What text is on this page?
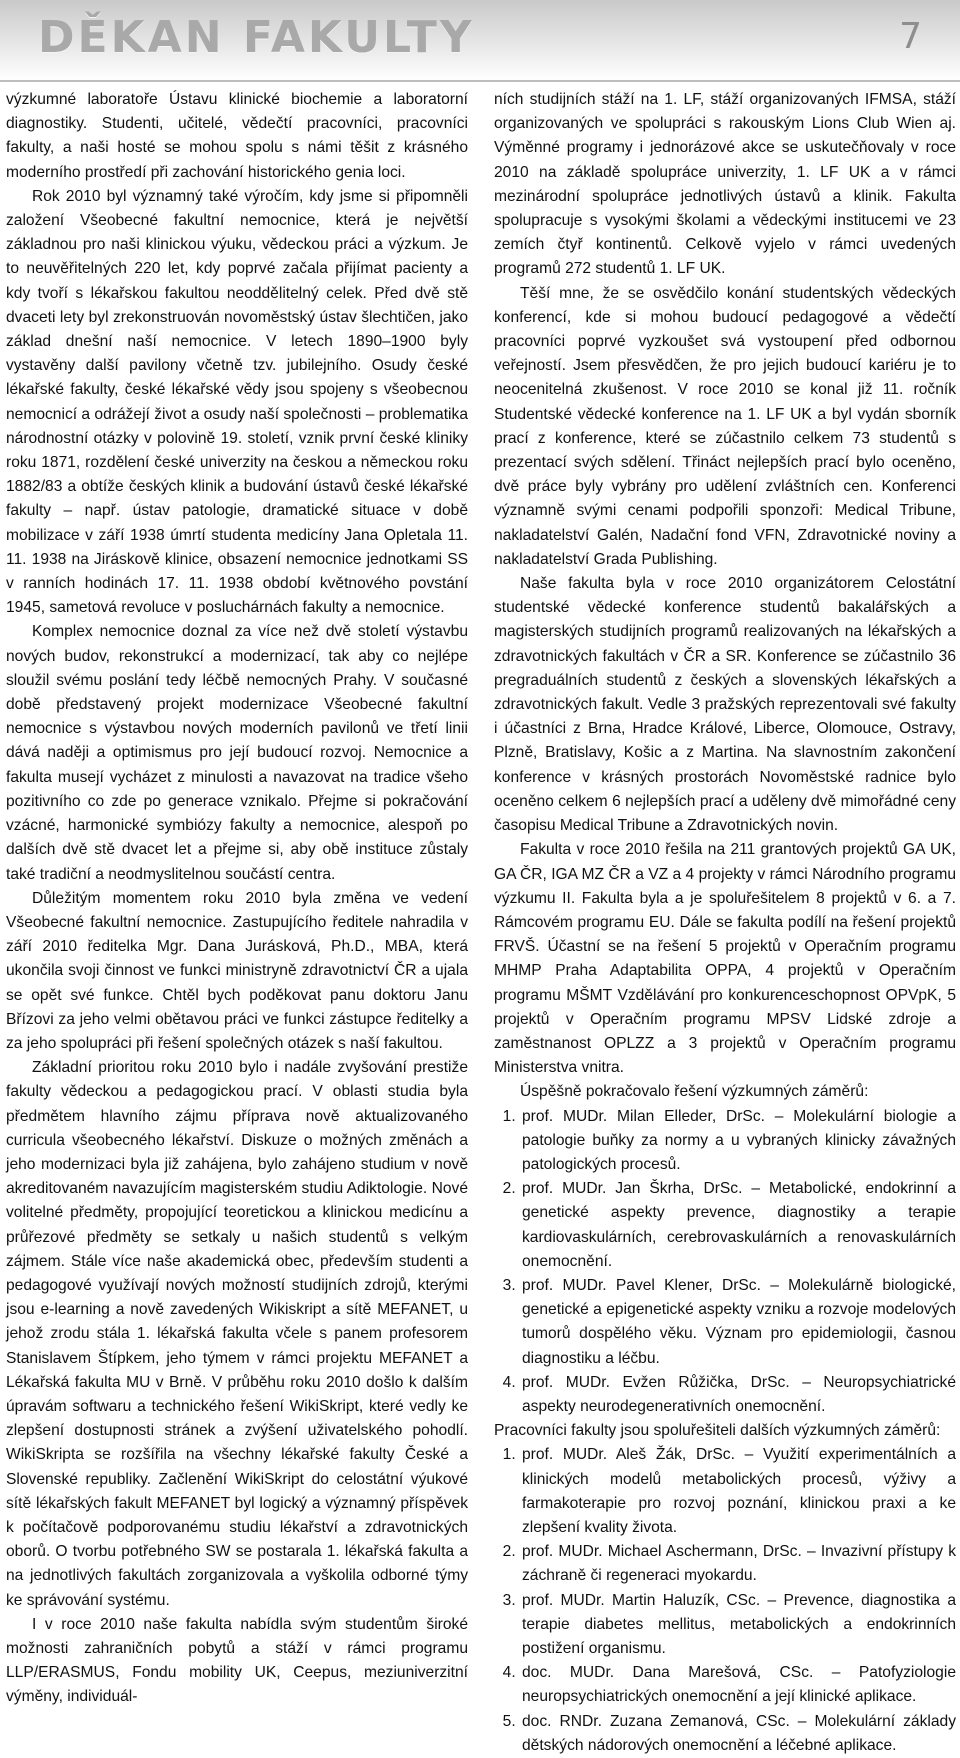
DĚKAN FAKULTY	7

výzkumné laboratoře Ústavu klinické biochemie a laboratorní diagnostiky. Studenti, učitelé, vědečtí pracovníci, pracovníci fakulty, a naši hosté se mohou spolu s námi těšit z krásného moderního prostředí při zachování historického genia loci.

Rok 2010 byl významný také výročím, kdy jsme si připomněli založení Všeobecné fakultní nemocnice, která je největší základnou pro naši klinickou výuku, vědeckou práci a výzkum. Je to neuvěřitelných 220 let, kdy poprvé začala přijímat pacienty a kdy tvoří s lékařskou fakultou neoddělitelný celek. Před dvě stě dvaceti lety byl zrekonstruován novoměstský ústav šlechtičen, jako základ dnešní naší nemocnice. V letech 1890–1900 byly vystavěny další pavilony včetně tzv. jubilejního. Osudy české lékařské fakulty, české lékařské vědy jsou spojeny s všeobecnou nemocnicí a odrážejí život a osudy naší společnosti – problematika národnostní otázky v polovině 19. století, vznik první české kliniky roku 1871, rozdělení české univerzity na českou a německou roku 1882/83 a obtíže českých klinik a budování ústavů české lékařské fakulty – např. ústav patologie, dramatické situace v době mobilizace v září 1938 úmrtí studenta medicíny Jana Opletala 11. 11. 1938 na Jiráskově klinice, obsazení nemocnice jednotkami SS v ranních hodinách 17. 11. 1938 období květnového povstání 1945, sametová revoluce v posluchárnách fakulty a nemocnice.

Komplex nemocnice doznal za více než dvě století výstavbu nových budov, rekonstrukcí a modernizací, tak aby co nejlépe sloužil svému poslání tedy léčbě nemocných Prahy. V současné době představený projekt modernizace Všeobecné fakultní nemocnice s výstavbou nových moderních pavilonů ve třetí linii dává naději a optimismus pro její budoucí rozvoj. Nemocnice a fakulta musejí vycházet z minulosti a navazovat na tradice všeho pozitivního co zde po generace vznikalo. Přejme si pokračování vzácné, harmonické symbiózy fakulty a nemocnice, alespoň po dalších dvě stě dvacet let a přejme si, aby obě instituce zůstaly také tradiční a neodmyslitelnou součástí centra.

Důležitým momentem roku 2010 byla změna ve vedení Všeobecné fakultní nemocnice. Zastupujícího ředitele nahradila v září 2010 ředitelka Mgr. Dana Jurásková, Ph.D., MBA, která ukončila svoji činnost ve funkci ministryně zdravotnictví ČR a ujala se opět své funkce. Chtěl bych poděkovat panu doktoru Janu Břízovi za jeho velmi obětavou práci ve funkci zástupce ředitelky a za jeho spolupráci při řešení společných otázek s naší fakultou.

Základní prioritou roku 2010 bylo i nadále zvyšování prestiže fakulty vědeckou a pedagogickou prací. V oblasti studia byla předmětem hlavního zájmu příprava nově aktualizovaného curricula všeobecného lékařství. Diskuze o možných změnách a jeho modernizaci byla již zahájena, bylo zahájeno studium v nově akreditovaném navazujícím magisterském studiu Adiktologie. Nové volitelné předměty, propojující teoretickou a klinickou medicínu a průřezové předměty se setkaly u našich studentů s velkým zájmem. Stále více naše akademická obec, především studenti a pedagogové využívají nových možností studijních zdrojů, kterými jsou e-learning a nově zavedených Wikiskript a sítě MEFANET, u jehož zrodu stála 1. lékařská fakulta včele s panem profesorem Stanislavem Štípkem, jeho týmem v rámci projektu MEFANET a Lékařská fakulta MU v Brně. V průběhu roku 2010 došlo k dalším úpravám softwaru a technického řešení WikiSkript, které vedly ke zlepšení dostupnosti stránek a zvýšení uživatelského pohodlí. WikiSkripta se rozšířila na všechny lékařské fakulty České a Slovenské republiky. Začlenění WikiSkript do celostátní výukové sítě lékařských fakult MEFANET byl logický a významný příspěvek k počítačově podporovanému studiu lékařství a zdravotnických oborů. O tvorbu potřebného SW se postarala 1. lékařská fakulta a na jednotlivých fakultách zorganizovala a vyškolila odborné týmy ke správování systému.

I v roce 2010 naše fakulta nabídla svým studentům široké možnosti zahraničních pobytů a stáží v rámci programu LLP/ERASMUS, Fondu mobility UK, Ceepus, meziuniverzitní výměny, individuál-

ních studijních stáží na 1. LF, stáží organizovaných IFMSA, stáží organizovaných ve spolupráci s rakouským Lions Club Wien aj. Výměnné programy i jednorázové akce se uskutečňovaly v roce 2010 na základě spolupráce univerzity, 1. LF UK a v rámci mezinárodní spolupráce jednotlivých ústavů a klinik. Fakulta spolupracuje s vysokými školami a vědeckými institucemi ve 23 zemích čtyř kontinentů. Celkově vyjelo v rámci uvedených programů 272 studentů 1. LF UK.

Těší mne, že se osvědčilo konání studentských vědeckých konferencí, kde si mohou budoucí pedagogové a vědečtí pracovníci poprvé vyzkoušet svá vystoupení před odbornou veřejností. Jsem přesvědčen, že pro jejich budoucí kariéru je to neocenitelná zkušenost. V roce 2010 se konal již 11. ročník Studentské vědecké konference na 1. LF UK a byl vydán sborník prací z konference, které se zúčastnilo celkem 73 studentů s prezentací svých sdělení. Třináct nejlepších prací bylo oceněno, dvě práce byly vybrány pro udělení zvláštních cen. Konferenci významně svými cenami podpořili sponzoři: Medical Tribune, nakladatelství Galén, Nadační fond VFN, Zdravotnické noviny a nakladatelství Grada Publishing.

Naše fakulta byla v roce 2010 organizátorem Celostátní studentské vědecké konference studentů bakalářských a magisterských studijních programů realizovaných na lékařských a zdravotnických fakultách v ČR a SR. Konference se zúčastnilo 36 pregraduálních studentů z českých a slovenských lékařských a zdravotnických fakult. Vedle 3 pražských reprezentovali své fakulty i účastníci z Brna, Hradce Králové, Liberce, Olomouce, Ostravy, Plzně, Bratislavy, Košic a z Martina. Na slavnostním zakončení konference v krásných prostorách Novoměstské radnice bylo oceněno celkem 6 nejlepších prací a uděleny dvě mimořádné ceny časopisu Medical Tribune a Zdravotnických novin.

Fakulta v roce 2010 řešila na 211 grantových projektů GA UK, GA ČR, IGA MZ ČR a VZ a 4 projekty v rámci Národního programu výzkumu II. Fakulta byla a je spoluřešitelem 8 projektů v 6. a 7. Rámcovém programu EU. Dále se fakulta podílí na řešení projektů FRVŠ. Účastní se na řešení 5 projektů v Operačním programu MHMP Praha Adaptabilita OPPA, 4 projektů v Operačním programu MŠMT Vzdělávání pro konkurenceschopnost OPVpK, 5 projektů v Operačním programu MPSV Lidské zdroje a zaměstnanost OPLZZ a 3 projektů v Operačním programu Ministerstva vnitra.

Úspěšně pokračovalo řešení výzkumných záměrů:

1. prof. MUDr. Milan Elleder, DrSc. – Molekulární biologie a patologie buňky za normy a u vybraných klinicky závažných patologických procesů.
2. prof. MUDr. Jan Škrha, DrSc. – Metabolické, endokrinní a genetické aspekty prevence, diagnostiky a terapie kardiovaskulárních, cerebrovaskulárních a renovaskulárních onemocnění.
3. prof. MUDr. Pavel Klener, DrSc. – Molekulárně biologické, genetické a epigenetické aspekty vzniku a rozvoje modelových tumorů dospělého věku. Význam pro epidemiologii, časnou diagnostiku a léčbu.
4. prof. MUDr. Evžen Růžička, DrSc. – Neuropsychiatrické aspekty neurodegenerativních onemocnění.

Pracovníci fakulty jsou spoluřešiteli dalších výzkumných záměrů:

1. prof. MUDr. Aleš Žák, DrSc. – Využití experimentálních a klinických modelů metabolických procesů, výživy a farmakoterapie pro rozvoj poznání, klinickou praxi a ke zlepšení kvality života.
2. prof. MUDr. Michael Aschermann, DrSc. – Invazivní přístupy k záchraně či regeneraci myokardu.
3. prof. MUDr. Martin Haluzík, CSc. – Prevence, diagnostika a terapie diabetes mellitus, metabolických a endokrinních postižení organismu.
4. doc. MUDr. Dana Marešová, CSc. – Patofyziologie neuropsychiatrických onemocnění a její klinické aplikace.
5. doc. RNDr. Zuzana Zemanová, CSc. – Molekulární základy dětských nádorových onemocnění a léčebné aplikace.
